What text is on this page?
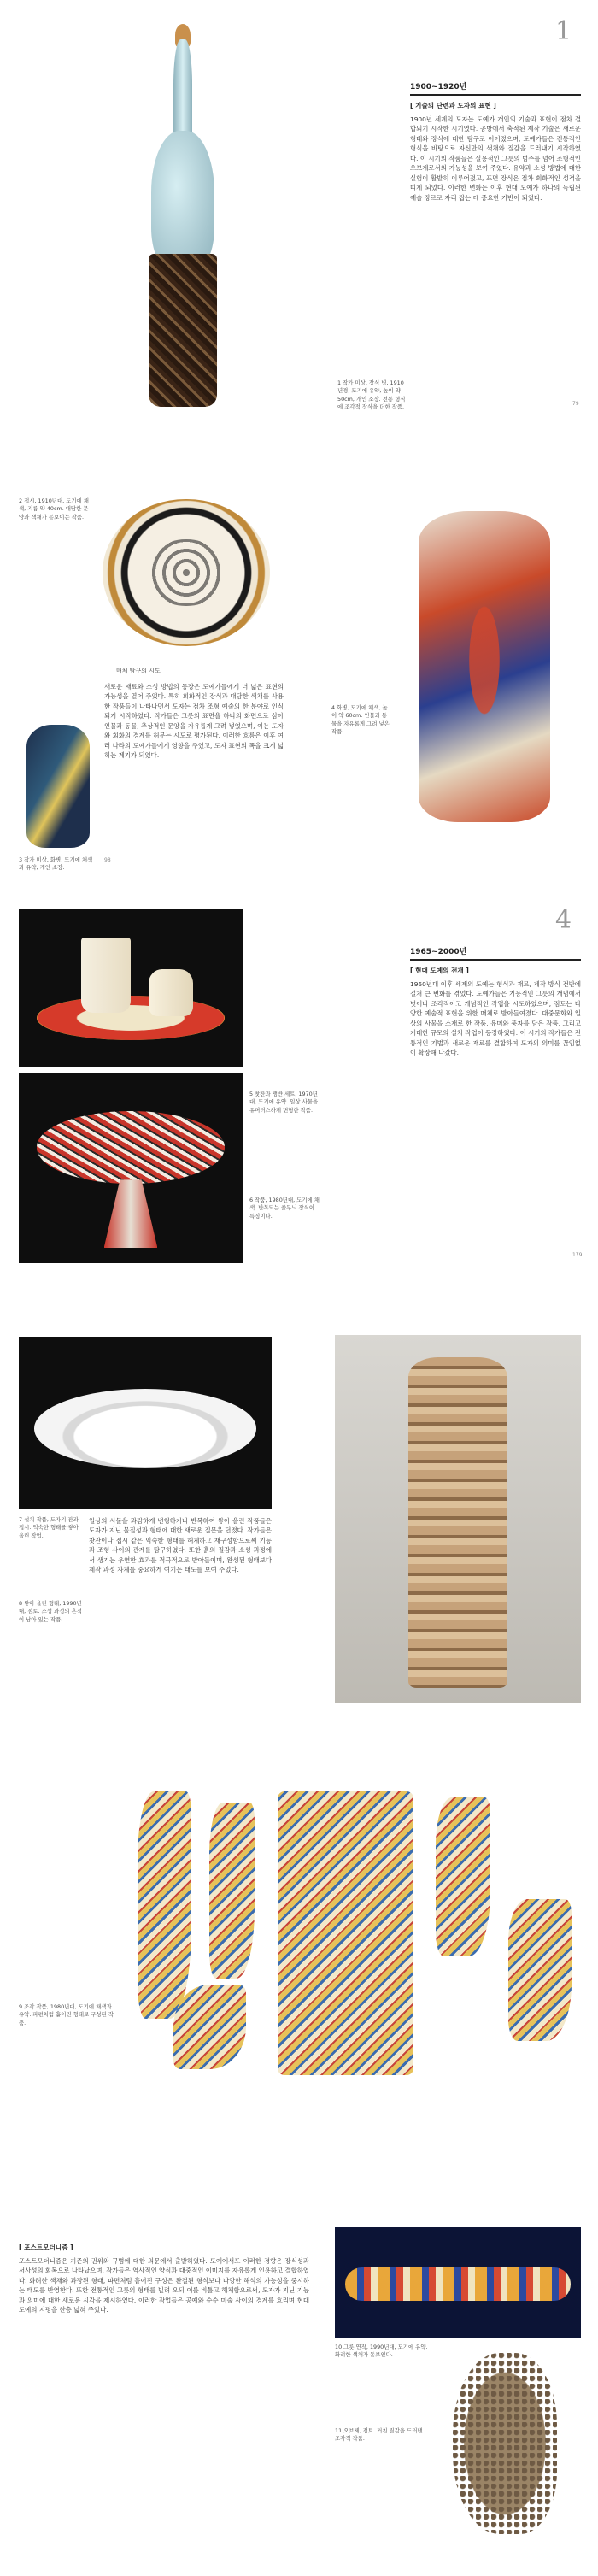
1 작가 미상, 장식 병, 1910년경, 도기에 유약, 높이 약 50cm, 개인 소장. 전통 형식에 조각적 장식을 더한 작품.
1
1900~1920년
[ 기술의 단련과 도자의 표현 ]
1900년 세계의 도자는 도예가 개인의 기술과 표현이 점차 결합되기 시작한 시기였다. 공방에서 축적된 제작 기술은 새로운 형태와 장식에 대한 탐구로 이어졌으며, 도예가들은 전통적인 형식을 바탕으로 자신만의 색채와 질감을 드러내기 시작하였다. 이 시기의 작품들은 실용적인 그릇의 범주를 넘어 조형적인 오브제로서의 가능성을 보여 주었다. 유약과 소성 방법에 대한 실험이 활발히 이루어졌고, 표면 장식은 점차 회화적인 성격을 띠게 되었다. 이러한 변화는 이후 현대 도예가 하나의 독립된 예술 장르로 자리 잡는 데 중요한 기반이 되었다.
79
2 접시, 1910년대, 도기에 채색, 지름 약 40cm. 대담한 문양과 색채가 돋보이는 작품.
4 화병, 도기에 채색, 높이 약 60cm. 인물과 동물을 자유롭게 그려 넣은 작품.
매체 탐구의 시도
3 작가 미상, 화병, 도기에 채색과 유약, 개인 소장.
새로운 재료와 소성 방법의 등장은 도예가들에게 더 넓은 표현의 가능성을 열어 주었다. 특히 회화적인 장식과 대담한 색채를 사용한 작품들이 나타나면서 도자는 점차 조형 예술의 한 분야로 인식되기 시작하였다. 작가들은 그릇의 표면을 하나의 화면으로 삼아 인물과 동물, 추상적인 문양을 자유롭게 그려 넣었으며, 이는 도자와 회화의 경계를 허무는 시도로 평가된다. 이러한 흐름은 이후 여러 나라의 도예가들에게 영향을 주었고, 도자 표현의 폭을 크게 넓히는 계기가 되었다.
98
5 찻잔과 쟁반 세트, 1970년대, 도기에 유약. 일상 사물을 유머러스하게 변형한 작품.
6 작품, 1980년대, 도기에 채색. 반복되는 줄무늬 장식이 특징이다.
4
1965~2000년
[ 현대 도예의 전개 ]
1960년대 이후 세계의 도예는 형식과 재료, 제작 방식 전반에 걸쳐 큰 변화를 겪었다. 도예가들은 기능적인 그릇의 개념에서 벗어나 조각적이고 개념적인 작업을 시도하였으며, 점토는 다양한 예술적 표현을 위한 매체로 받아들여졌다. 대중문화와 일상의 사물을 소재로 한 작품, 유머와 풍자를 담은 작품, 그리고 거대한 규모의 설치 작업이 등장하였다. 이 시기의 작가들은 전통적인 기법과 새로운 재료를 결합하여 도자의 의미를 끊임없이 확장해 나갔다.
179
7 설치 작품, 도자기 잔과 접시. 익숙한 형태를 쌓아 올린 작업.
일상의 사물을 과감하게 변형하거나 반복하여 쌓아 올린 작품들은 도자가 지닌 물질성과 형태에 대한 새로운 질문을 던졌다. 작가들은 찻잔이나 접시 같은 익숙한 형태를 해체하고 재구성함으로써 기능과 조형 사이의 관계를 탐구하였다. 또한 흙의 질감과 소성 과정에서 생기는 우연한 효과를 적극적으로 받아들이며, 완성된 형태보다 제작 과정 자체를 중요하게 여기는 태도를 보여 주었다.
8 쌓아 올린 형태, 1990년대, 점토. 소성 과정의 흔적이 남아 있는 작품.
9 조각 작품, 1980년대, 도기에 채색과 유약. 파편처럼 흩어진 형태로 구성된 작품.
[ 포스트모더니즘 ]
포스트모더니즘은 기존의 권위와 규범에 대한 의문에서 출발하였다. 도예에서도 이러한 경향은 장식성과 서사성의 회복으로 나타났으며, 작가들은 역사적인 양식과 대중적인 이미지를 자유롭게 인용하고 결합하였다. 화려한 색채와 과장된 형태, 파편처럼 흩어진 구성은 완결된 형식보다 다양한 해석의 가능성을 중시하는 태도를 반영한다. 또한 전통적인 그릇의 형태를 빌려 오되 이를 비틀고 해체함으로써, 도자가 지닌 기능과 의미에 대한 새로운 시각을 제시하였다. 이러한 작업들은 공예와 순수 미술 사이의 경계를 흐리며 현대 도예의 지평을 한층 넓혀 주었다.
10 그릇 연작, 1990년대, 도기에 유약. 화려한 색채가 돋보인다.
11 오브제, 점토. 거친 질감을 드러낸 조각적 작품.
